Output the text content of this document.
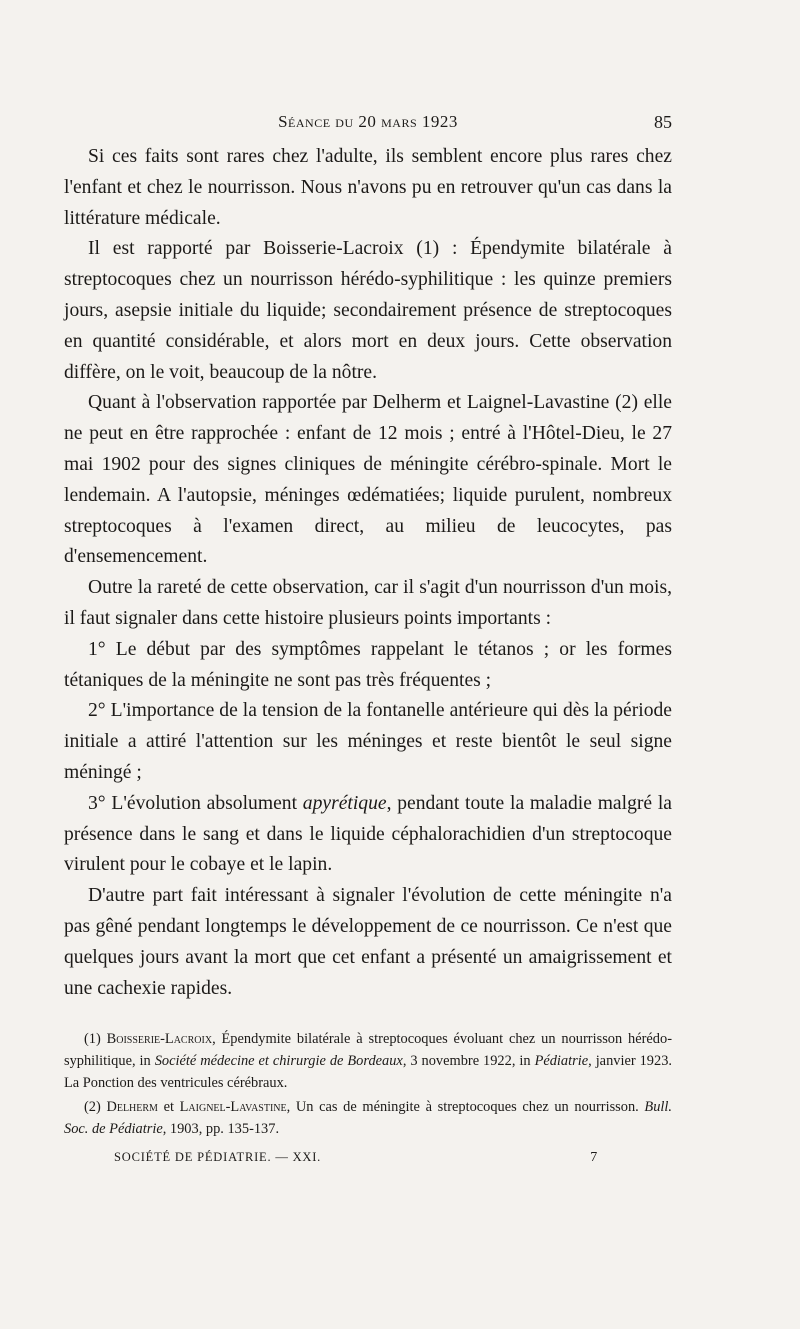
Séance du 20 mars 1923	85

Si ces faits sont rares chez l'adulte, ils semblent encore plus rares chez l'enfant et chez le nourrisson. Nous n'avons pu en retrouver qu'un cas dans la littérature médicale.

Il est rapporté par Boisserie-Lacroix (1) : Épendymite bilatérale à streptocoques chez un nourrisson hérédo-syphilitique : les quinze premiers jours, asepsie initiale du liquide; secondairement présence de streptocoques en quantité considérable, et alors mort en deux jours. Cette observation diffère, on le voit, beaucoup de la nôtre.

Quant à l'observation rapportée par Delherm et Laignel-Lavastine (2) elle ne peut en être rapprochée : enfant de 12 mois ; entré à l'Hôtel-Dieu, le 27 mai 1902 pour des signes cliniques de méningite cérébro-spinale. Mort le lendemain. A l'autopsie, méninges œdématiées; liquide purulent, nombreux streptocoques à l'examen direct, au milieu de leucocytes, pas d'ensemencement.

Outre la rareté de cette observation, car il s'agit d'un nourrisson d'un mois, il faut signaler dans cette histoire plusieurs points importants :

1° Le début par des symptômes rappelant le tétanos ; or les formes tétaniques de la méningite ne sont pas très fréquentes ;

2° L'importance de la tension de la fontanelle antérieure qui dès la période initiale a attiré l'attention sur les méninges et reste bientôt le seul signe méningé ;

3° L'évolution absolument apyrétique, pendant toute la maladie malgré la présence dans le sang et dans le liquide céphalorachidien d'un streptocoque virulent pour le cobaye et le lapin.

D'autre part fait intéressant à signaler l'évolution de cette méningite n'a pas gêné pendant longtemps le développement de ce nourrisson. Ce n'est que quelques jours avant la mort que cet enfant a présenté un amaigrissement et une cachexie rapides.

(1) Boisserie-Lacroix, Épendymite bilatérale à streptocoques évoluant chez un nourrisson hérédo-syphilitique, in Société médecine et chirurgie de Bordeaux, 3 novembre 1922, in Pédiatrie, janvier 1923. La Ponction des ventricules cérébraux.

(2) Delherm et Laignel-Lavastine, Un cas de méningite à streptocoques chez un nourrisson. Bull. Soc. de Pédiatrie, 1903, pp. 135-137.

SOCIÉTÉ DE PÉDIATRIE. — XXI.	7
